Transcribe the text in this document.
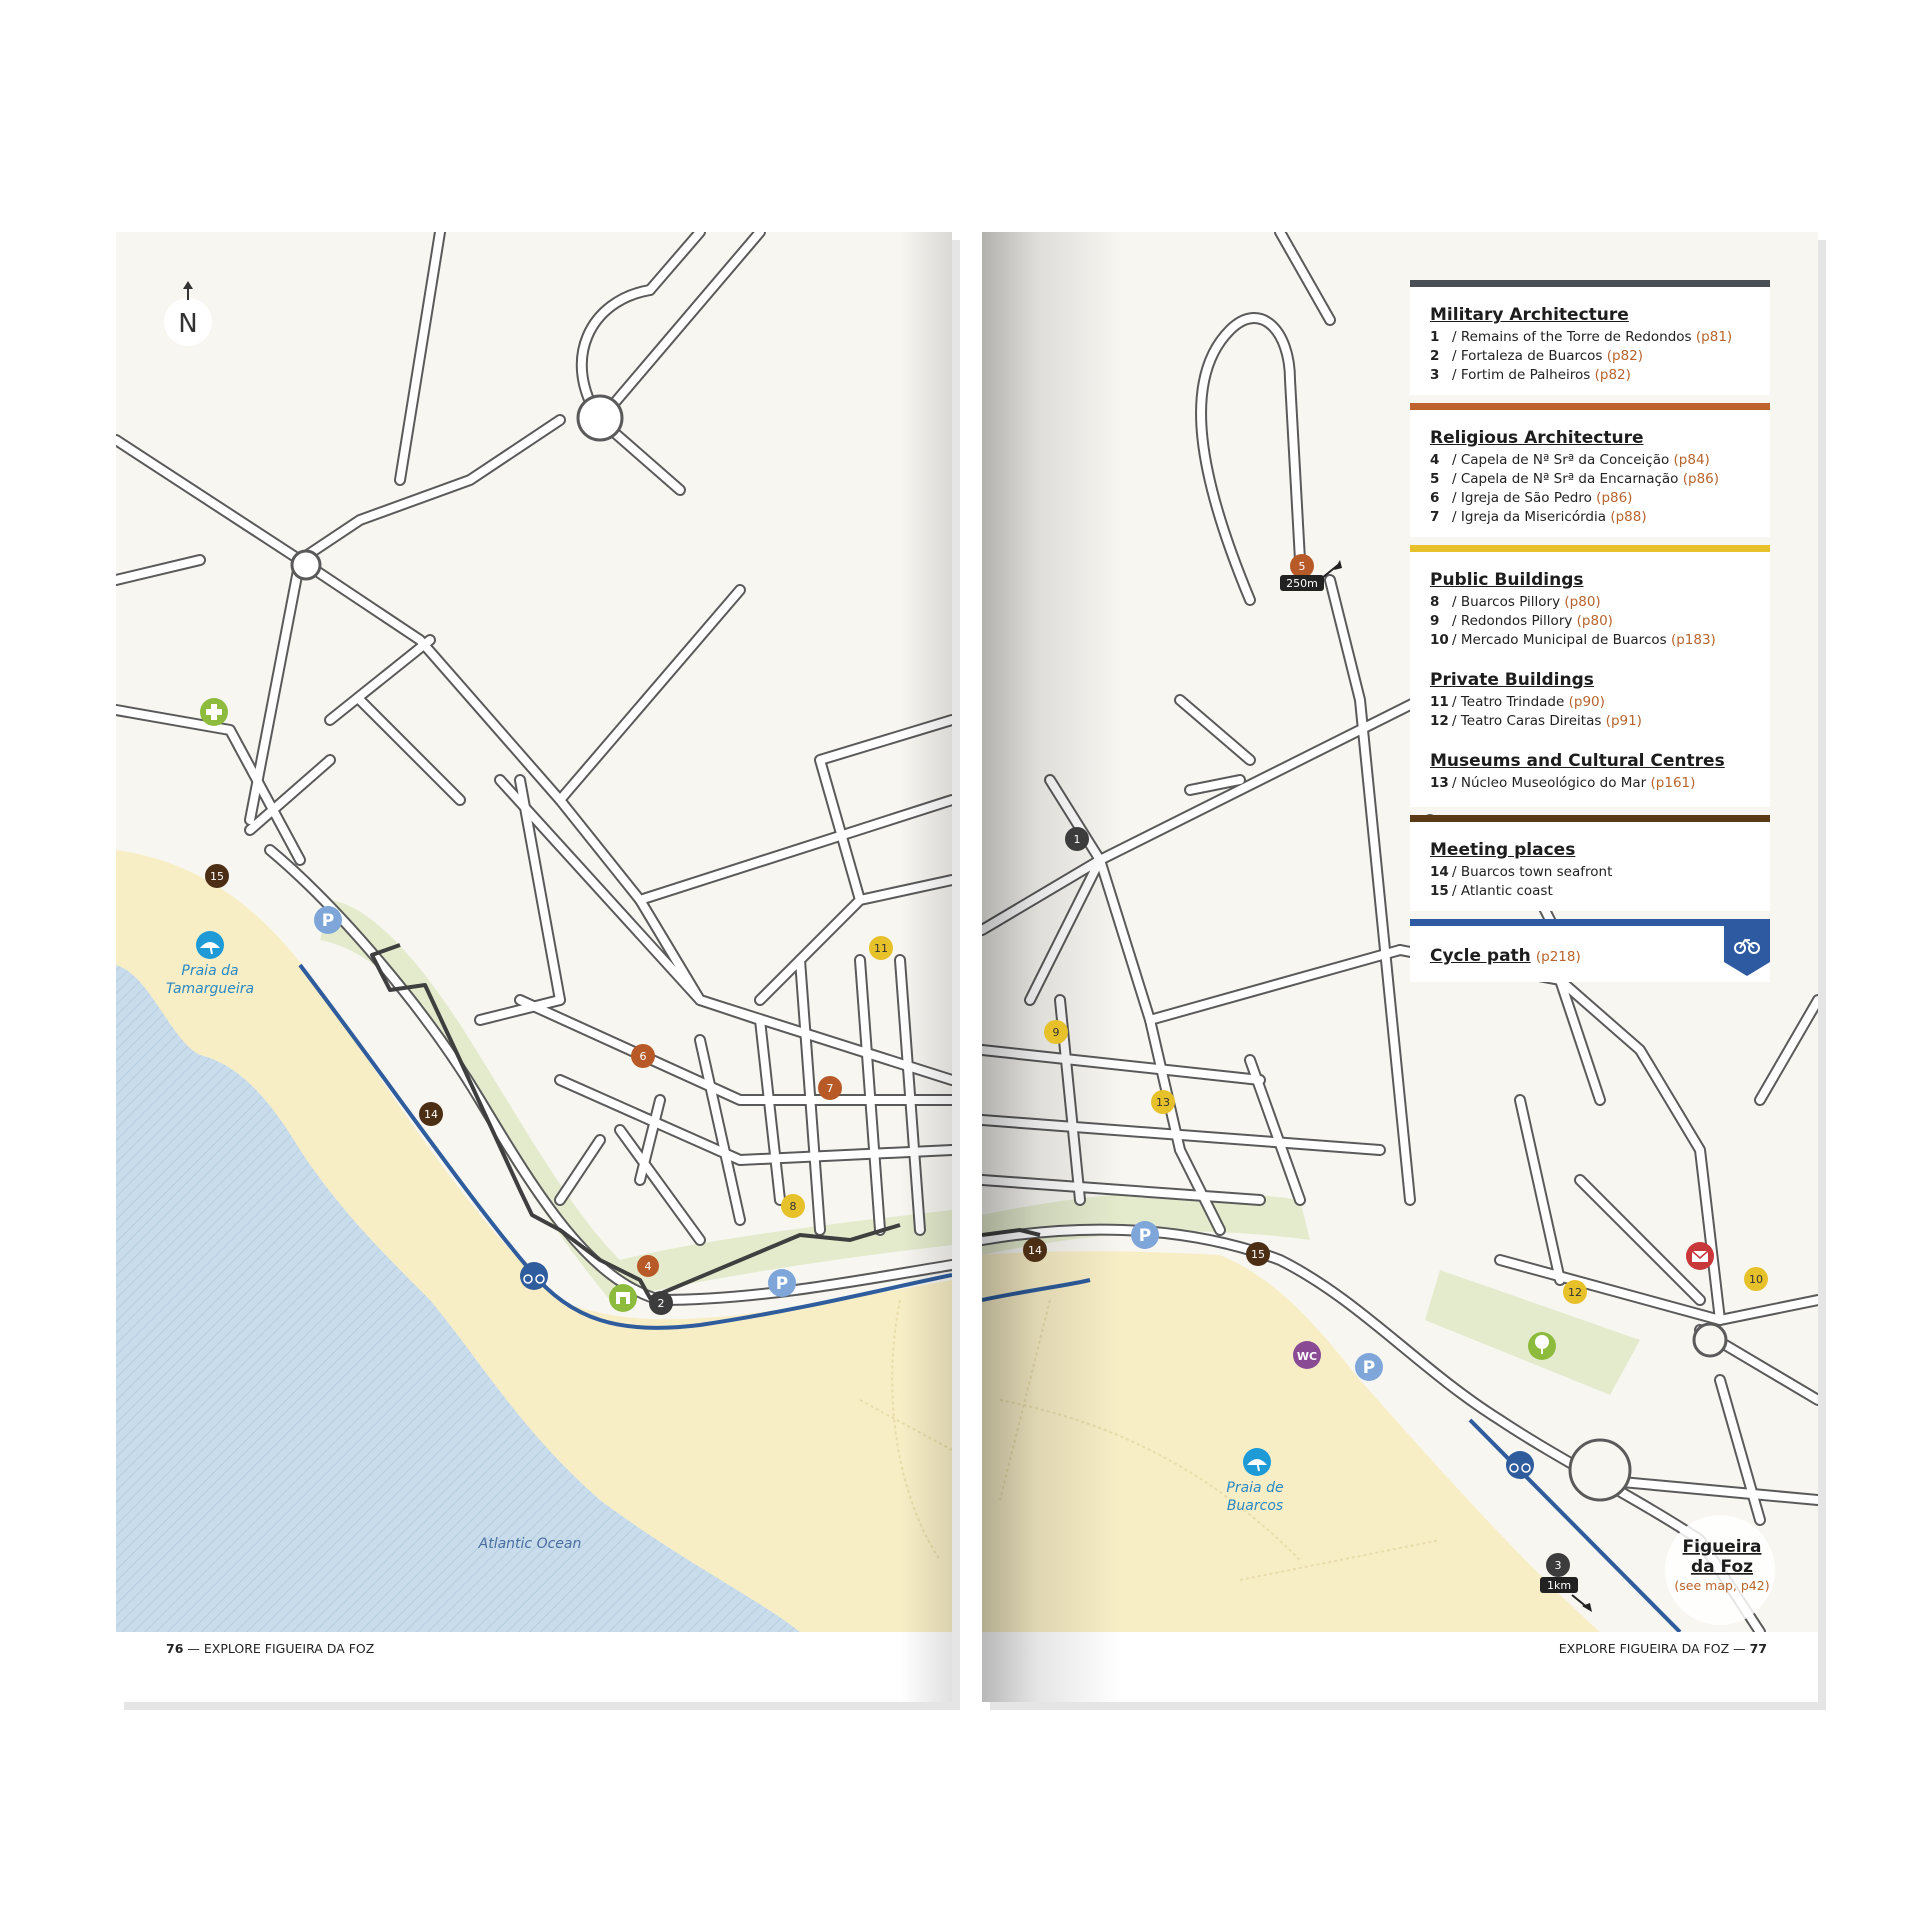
N
Praia da
Tamargueira
Praia de
Buarcos
Atlantic Ocean
P
P
P
P
WC
1
2
3
4
5
6
7
8
9
10
11
12
13
14
14
15
15
250m
1km
Figueira
da Foz
(see map, p42)
Military Architecture
1 / Remains of the Torre de Redondos (p81)
2 / Fortaleza de Buarcos (p82)
3 / Fortim de Palheiros (p82)
Religious Architecture
4 / Capela de Nª Srª da Conceição (p84)
5 / Capela de Nª Srª da Encarnação (p86)
6 / Igreja de São Pedro (p86)
7 / Igreja da Misericórdia (p88)
Public Buildings
8 / Buarcos Pillory (p80)
9 / Redondos Pillory (p80)
10 / Mercado Municipal de Buarcos (p183)
Private Buildings
11 / Teatro Trindade (p90)
12 / Teatro Caras Direitas (p91)
Museums and Cultural Centres
13 / Núcleo Museológico do Mar (p161)
Meeting places
14 / Buarcos town seafront
15 / Atlantic coast
Cycle path (p218)
76 — EXPLORE FIGUEIRA DA FOZ	EXPLORE FIGUEIRA DA FOZ — 77
